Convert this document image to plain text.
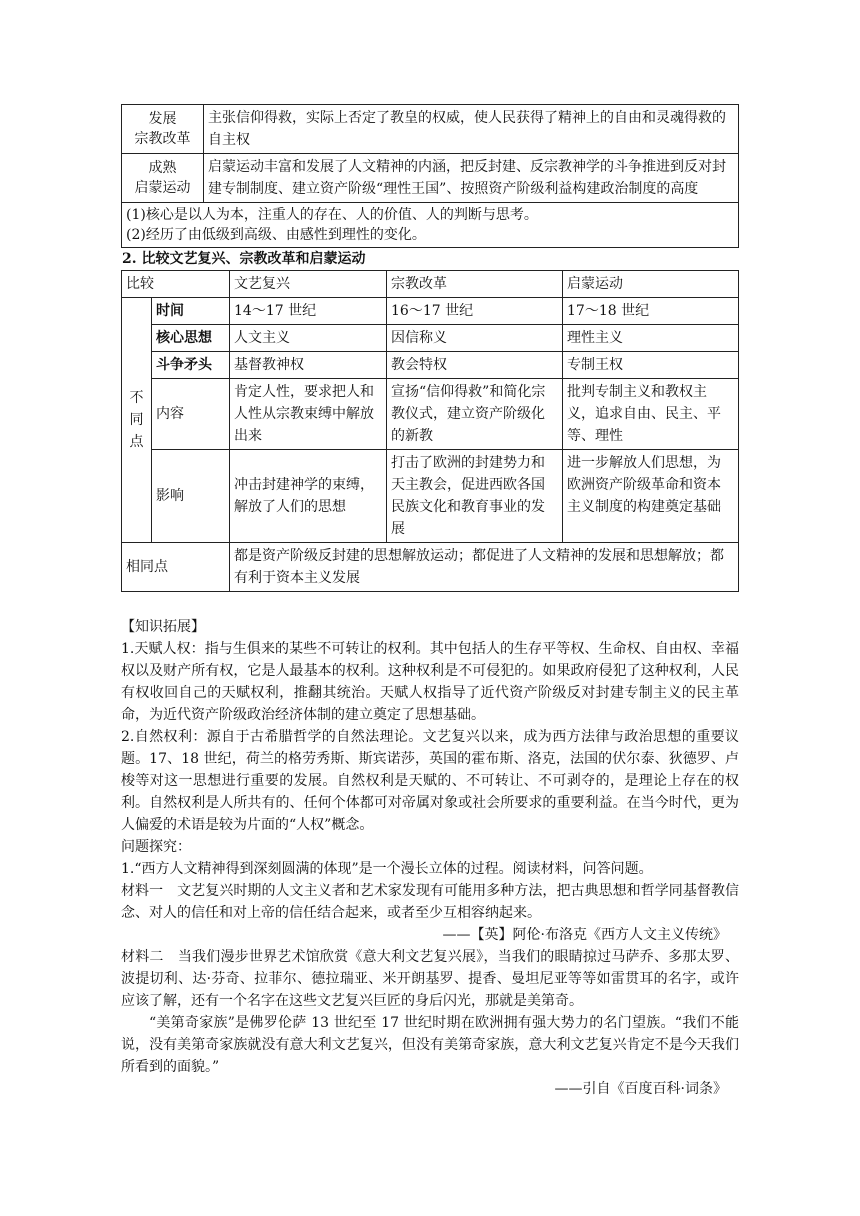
发展
宗教改革	主张信仰得救，实际上否定了教皇的权威，使人民获得了精神上的自由和灵魂得救的自主权

成熟
启蒙运动	启蒙运动丰富和发展了人文精神的内涵，把反封建、反宗教神学的斗争推进到反对封建专制制度、建立资产阶级“理性王国”、按照资产阶级利益构建政治制度的高度

(1)核心是以人为本，注重人的存在、人的价值、人的判断与思考。
(2)经历了由低级到高级、由感性到理性的变化。	

2. 比较文艺复兴、宗教改革和启蒙运动

比较		文艺复兴	宗教改革	启蒙运动
不同点	时间	14～17 世纪	16～17 世纪	17～18 世纪
	核心思想	人文主义	因信称义	理性主义
	斗争矛头	基督教神权	教会特权	专制王权
	内容	肯定人性，要求把人和人性从宗教束缚中解放出来	宣扬“信仰得救”和简化宗教仪式，建立资产阶级化的新教	批判专制主义和教权主义，追求自由、民主、平等、理性
	影响	冲击封建神学的束缚，解放了人们的思想	打击了欧洲的封建势力和天主教会，促进西欧各国民族文化和教育事业的发展	进一步解放人们思想，为欧洲资产阶级革命和资本主义制度的构建奠定基础
相同点		都是资产阶级反封建的思想解放运动；都促进了人文精神的发展和思想解放；都有利于资本主义发展		

【知识拓展】

1.天赋人权：指与生俱来的某些不可转让的权利。其中包括人的生存平等权、生命权、自由权、幸福权以及财产所有权，它是人最基本的权利。这种权利是不可侵犯的。如果政府侵犯了这种权利，人民有权收回自己的天赋权利，推翻其统治。天赋人权指导了近代资产阶级反对封建专制主义的民主革命，为近代资产阶级政治经济体制的建立奠定了思想基础。

2.自然权利：源自于古希腊哲学的自然法理论。文艺复兴以来，成为西方法律与政治思想的重要议题。17、18 世纪，荷兰的格劳秀斯、斯宾诺莎，英国的霍布斯、洛克，法国的伏尔泰、狄德罗、卢梭等对这一思想进行重要的发展。自然权利是天赋的、不可转让、不可剥夺的，是理论上存在的权利。自然权利是人所共有的、任何个体都可对帝属对象或社会所要求的重要利益。在当今时代，更为人偏爱的术语是较为片面的“人权”概念。

问题探究：

1.“西方人文精神得到深刻圆满的体现”是一个漫长立体的过程。阅读材料，问答问题。

材料一　文艺复兴时期的人文主义者和艺术家发现有可能用多种方法，把古典思想和哲学同基督教信念、对人的信任和对上帝的信任结合起来，或者至少互相容纳起来。

——【英】阿伦·布洛克《西方人文主义传统》

材料二　当我们漫步世界艺术馆欣赏《意大利文艺复兴展》，当我们的眼睛掠过马萨乔、多那太罗、波提切利、达·芬奇、拉菲尔、德拉瑞亚、米开朗基罗、提香、曼坦尼亚等等如雷贯耳的名字，或许应该了解，还有一个名字在这些文艺复兴巨匠的身后闪光，那就是美第奇。

“美第奇家族”是佛罗伦萨 13 世纪至 17 世纪时期在欧洲拥有强大势力的名门望族。“我们不能说，没有美第奇家族就没有意大利文艺复兴，但没有美第奇家族，意大利文艺复兴肯定不是今天我们所看到的面貌。”

——引自《百度百科·词条》
